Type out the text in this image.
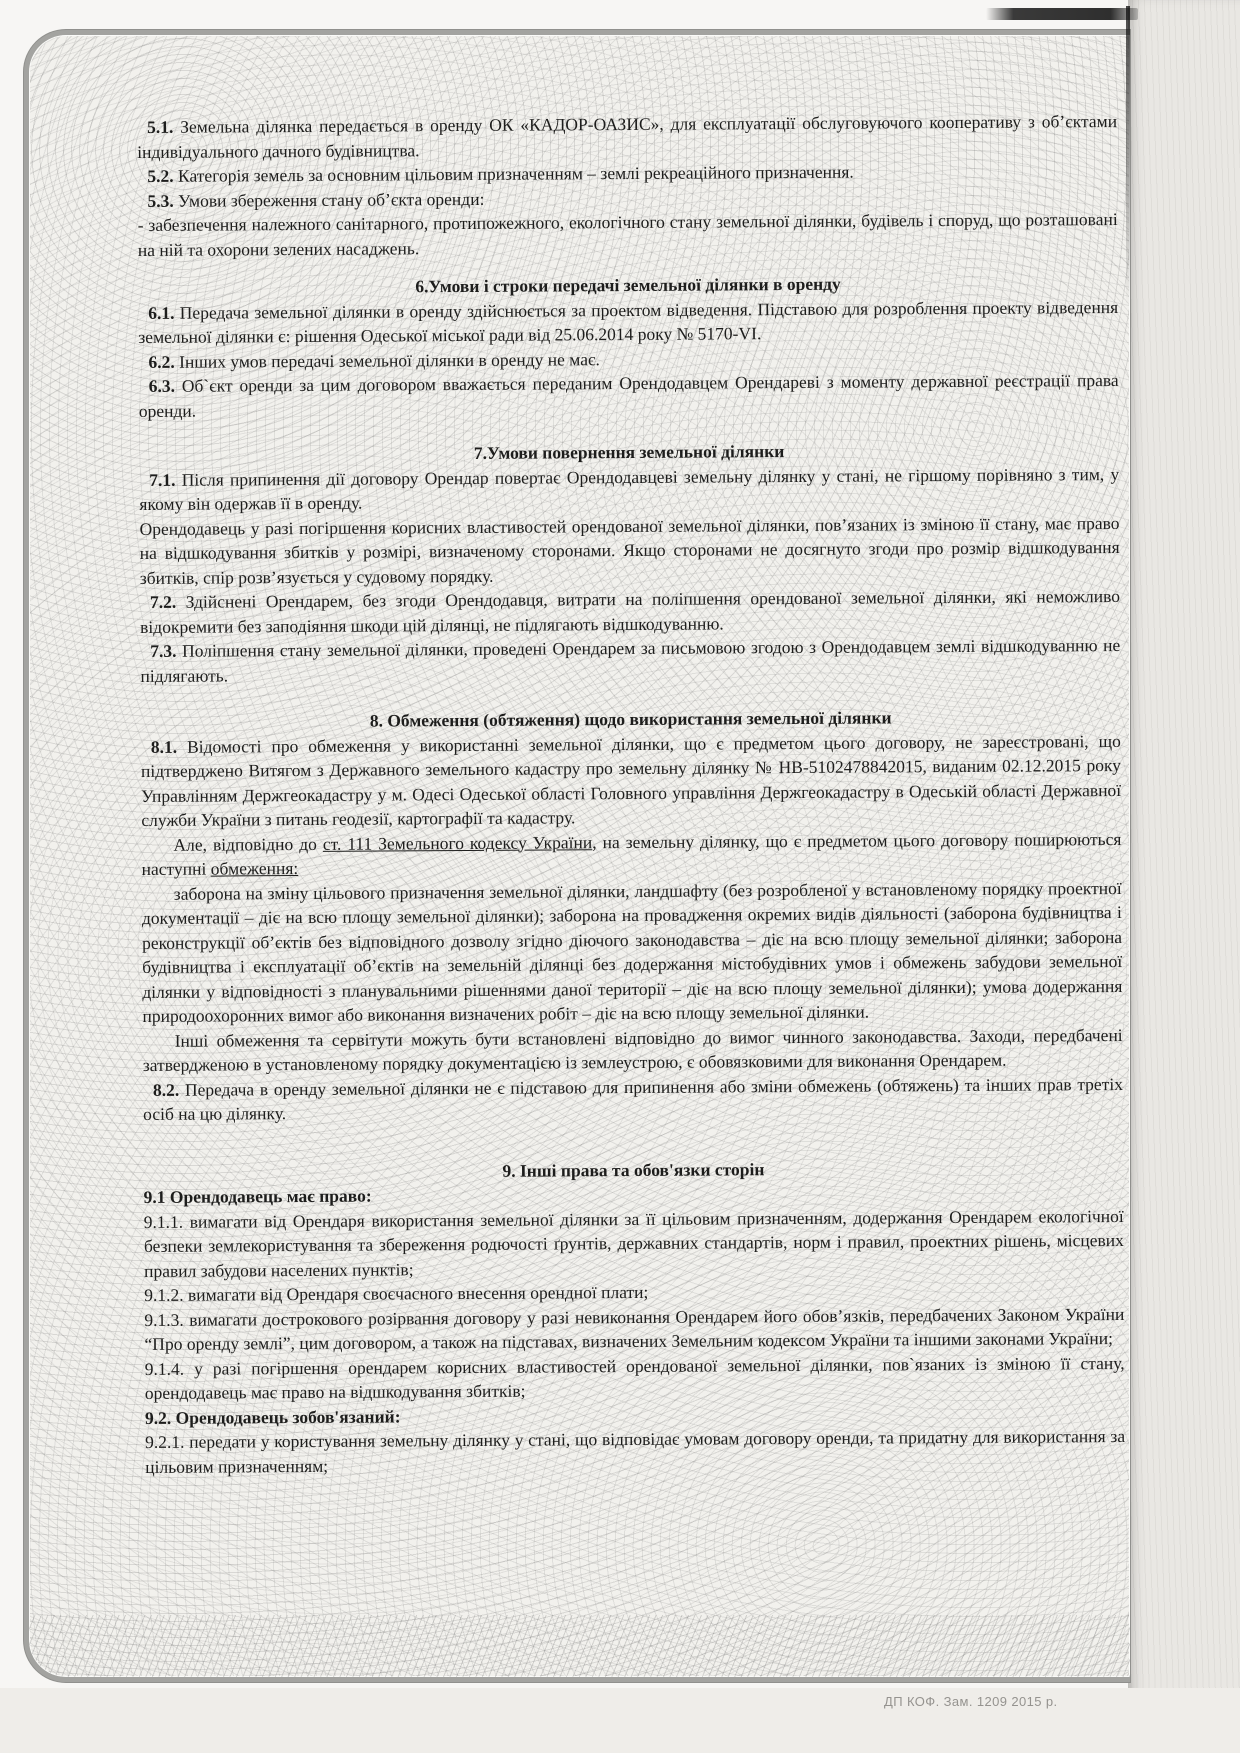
5.1. Земельна ділянка передається в оренду ОК «КАДОР-ОАЗИС», для експлуатації обслуговуючого кооперативу з об’єктами індивідуального дачного будівництва.

5.2. Категорія земель за основним цільовим призначенням – землі рекреаційного призначення.

5.3. Умови збереження стану об’єкта оренди:

- забезпечення належного санітарного, протипожежного, екологічного стану земельної ділянки, будівель і споруд, що розташовані на ній та охорони зелених насаджень.

6.Умови і строки передачі земельної ділянки в оренду

6.1. Передача земельної ділянки в оренду здійснюється за проектом відведення. Підставою для розроблення проекту відведення земельної ділянки є: рішення Одеської міської ради від 25.06.2014 року № 5170-VI.

6.2. Інших умов передачі земельної ділянки в оренду не має.

6.3. Об`єкт оренди за цим договором вважається переданим Орендодавцем Орендареві з моменту державної реєстрації права оренди.

7.Умови повернення земельної ділянки

7.1. Після припинення дії договору Орендар повертає Орендодавцеві земельну ділянку у стані, не гіршому порівняно з тим, у якому він одержав її в оренду.

Орендодавець у разі погіршення корисних властивостей орендованої земельної ділянки, пов’язаних із зміною її стану, має право на відшкодування збитків у розмірі, визначеному сторонами. Якщо сторонами не досягнуто згоди про розмір відшкодування збитків, спір розв’язується у судовому порядку.

7.2. Здійснені Орендарем, без згоди Орендодавця, витрати на поліпшення орендованої земельної ділянки, які неможливо відокремити без заподіяння шкоди цій ділянці, не підлягають відшкодуванню.

7.3. Поліпшення стану земельної ділянки, проведені Орендарем за письмовою згодою з Орендодавцем землі відшкодуванню не підлягають.

8. Обмеження (обтяження) щодо використання земельної ділянки

8.1. Відомості про обмеження у використанні земельної ділянки, що є предметом цього договору, не зареєстровані, що підтверджено Витягом з Державного земельного кадастру про земельну ділянку № НВ-5102478842015, виданим 02.12.2015 року Управлінням Держгеокадастру у м. Одесі Одеської області Головного управління Держгеокадастру в Одеській області Державної служби України з питань геодезії, картографії та кадастру.

Але, відповідно до ст. 111 Земельного кодексу України, на земельну ділянку, що є предметом цього договору поширюються наступні обмеження:

заборона на зміну цільового призначення земельної ділянки, ландшафту (без розробленої у встановленому порядку проектної документації – діє на всю площу земельної ділянки); заборона на провадження окремих видів діяльності (заборона будівництва і реконструкції об’єктів без відповідного дозволу згідно діючого законодавства – діє на всю площу земельної ділянки; заборона будівництва і експлуатації об’єктів на земельній ділянці без додержання містобудівних умов і обмежень забудови земельної ділянки у відповідності з планувальними рішеннями даної території – діє на всю площу земельної ділянки); умова додержання природоохоронних вимог або виконання визначених робіт – діє на всю площу земельної ділянки.

Інші обмеження та сервітути можуть бути встановлені відповідно до вимог чинного законодавства. Заходи, передбачені затвердженою в установленому порядку документацією із землеустрою, є обовязковими для виконання Орендарем.

8.2. Передача в оренду земельної ділянки не є підставою для припинення або зміни обмежень (обтяжень) та інших прав третіх осіб на цю ділянку.

9. Інші права та обов'язки сторін

9.1 Орендодавець має право:

9.1.1. вимагати від Орендаря використання земельної ділянки за її цільовим призначенням, додержання Орендарем екологічної безпеки землекористування та збереження родючості ґрунтів, державних стандартів, норм і правил, проектних рішень, місцевих правил забудови населених пунктів;

9.1.2. вимагати від Орендаря своєчасного внесення орендної плати;

9.1.3. вимагати дострокового розірвання договору у разі невиконання Орендарем його обов’язків, передбачених Законом України “Про оренду землі”, цим договором, а також на підставах, визначених Земельним кодексом України та іншими законами України;

9.1.4. у разі погіршення орендарем корисних властивостей орендованої земельної ділянки, пов`язаних із зміною її стану, орендодавець має право на відшкодування збитків;

9.2. Орендодавець зобов'язаний:

9.2.1. передати у користування земельну ділянку у стані, що відповідає умовам договору оренди, та придатну для використання за цільовим призначенням;

ДП КОФ. Зам. 1209 2015 р.
